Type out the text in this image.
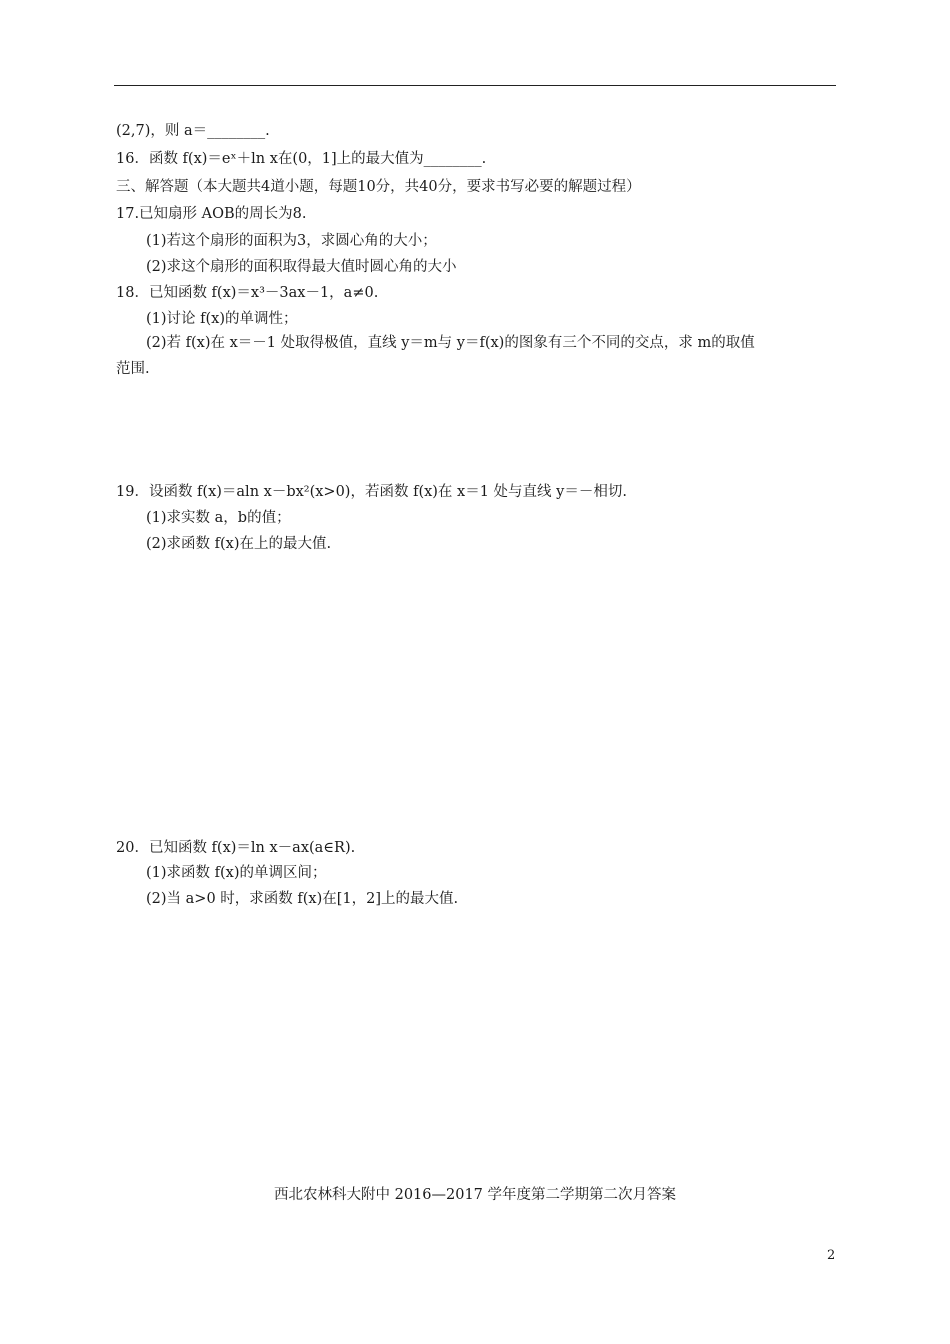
(2,7)，则 a＝________.
16．函数 f(x)＝eˣ＋ln x在(0，1]上的最大值为________.
三、解答题（本大题共4道小题，每题10分，共40分，要求书写必要的解题过程）
17.已知扇形 AOB的周长为8.
(1)若这个扇形的面积为3，求圆心角的大小；
(2)求这个扇形的面积取得最大值时圆心角的大小
18．已知函数 f(x)＝x³－3ax－1，a≠0.
(1)讨论 f(x)的单调性；
(2)若 f(x)在 x＝－1 处取得极值，直线 y＝m与 y＝f(x)的图象有三个不同的交点，求 m的取值
范围.
19．设函数 f(x)＝aln x－bx²(x>0)，若函数 f(x)在 x＝1 处与直线 y＝－相切.
(1)求实数 a，b的值；
(2)求函数 f(x)在上的最大值.
20．已知函数 f(x)＝ln x－ax(a∈R).
(1)求函数 f(x)的单调区间；
(2)当 a>0 时，求函数 f(x)在[1，2]上的最大值.
西北农林科大附中 2016—2017 学年度第二学期第二次月答案
2
